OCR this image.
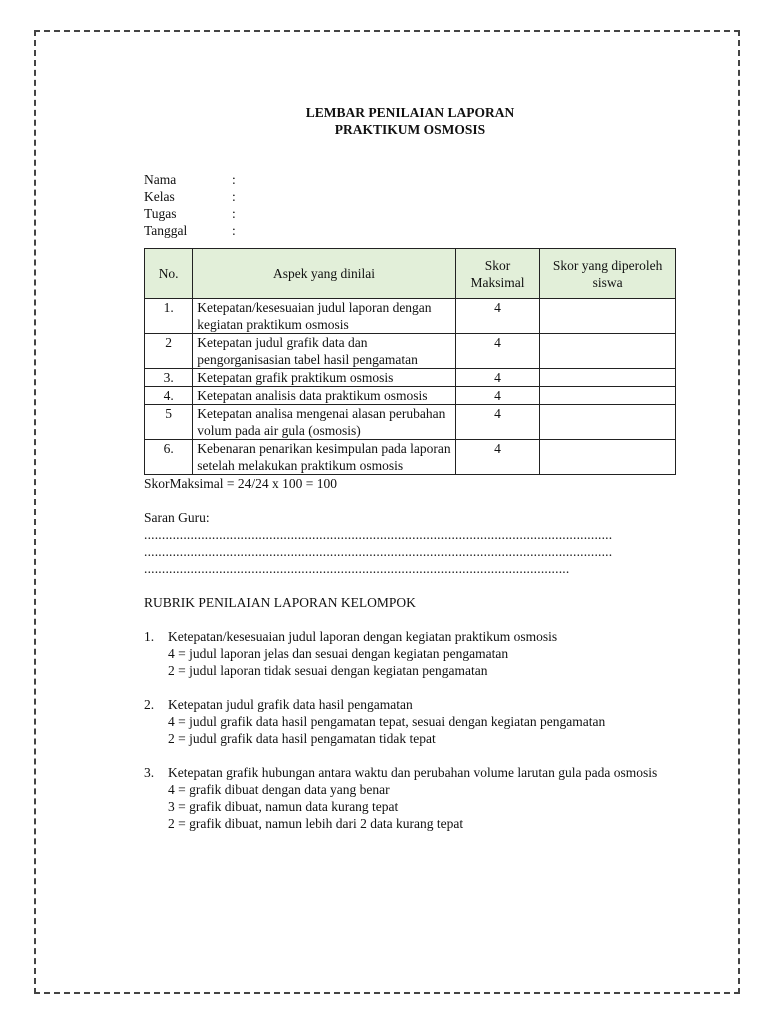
LEMBAR PENILAIAN LAPORAN
PRAKTIKUM OSMOSIS
Nama	:
Kelas	:
Tugas	:
Tanggal	:
No.	Aspek yang dinilai	Skor Maksimal	Skor yang diperoleh siswa
1.	Ketepatan/kesesuaian judul laporan dengan kegiatan praktikum osmosis	4	
2	Ketepatan judul grafik data dan pengorganisasian tabel hasil pengamatan	4	
3.	Ketepatan grafik praktikum osmosis	4	
4.	Ketepatan analisis data praktikum osmosis	4	
5	Ketepatan analisa mengenai alasan perubahan volum pada air gula (osmosis)	4	
6.	Kebenaran penarikan kesimpulan pada laporan setelah melakukan praktikum osmosis	4	
SkorMaksimal = 24/24 x 100 = 100
Saran Guru:
...................................................................................................................................
...................................................................................................................................
.......................................................................................................................
RUBRIK PENILAIAN LAPORAN KELOMPOK
1.	Ketepatan/kesesuaian judul laporan dengan kegiatan praktikum osmosis
4 = judul laporan jelas dan sesuai dengan kegiatan pengamatan
2 = judul laporan tidak sesuai dengan kegiatan pengamatan
2.	Ketepatan judul grafik data hasil pengamatan
4 = judul grafik data hasil pengamatan tepat, sesuai dengan kegiatan pengamatan
2 = judul grafik data hasil pengamatan tidak tepat
3.	Ketepatan grafik hubungan antara waktu dan perubahan volume larutan gula pada osmosis
4 = grafik dibuat dengan data yang benar
3 = grafik dibuat, namun data kurang tepat
2 = grafik dibuat, namun lebih dari 2 data kurang tepat
